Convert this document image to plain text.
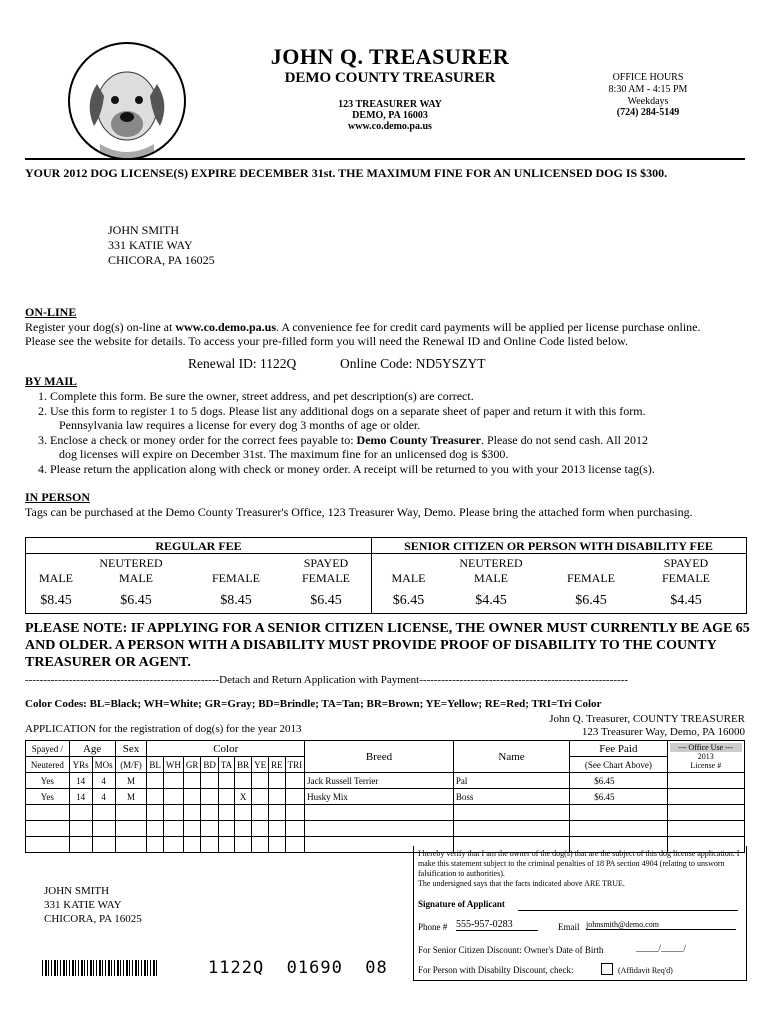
JOHN Q. TREASURER
DEMO COUNTY TREASURER
123 TREASURER WAY
DEMO, PA 16003
www.co.demo.pa.us
OFFICE HOURS
8:30 AM - 4:15 PM
Weekdays
(724) 284-5149
YOUR 2012 DOG LICENSE(S) EXPIRE DECEMBER 31st. THE MAXIMUM FINE FOR AN UNLICENSED DOG IS $300.
JOHN SMITH
331 KATIE WAY
CHICORA, PA 16025
ON-LINE
Register your dog(s) on-line at www.co.demo.pa.us. A convenience fee for credit card payments will be applied per license purchase online.
Please see the website for details. To access your pre-filled form you will need the Renewal ID and Online Code listed below.
Renewal ID: 1122Q	Online Code: ND5YSZYT
BY MAIL
1. Complete this form. Be sure the owner, street address, and pet description(s) are correct.
2. Use this form to register 1 to 5 dogs. Please list any additional dogs on a separate sheet of paper and return it with this form.
Pennsylvania law requires a license for every dog 3 months of age or older.
3. Enclose a check or money order for the correct fees payable to: Demo County Treasurer. Please do not send cash. All 2012
dog licenses will expire on December 31st. The maximum fine for an unlicensed dog is $300.
4. Please return the application along with check or money order. A receipt will be returned to you with your 2013 license tag(s).
IN PERSON
Tags can be purchased at the Demo County Treasurer's Office, 123 Treasurer Way, Demo. Please bring the attached form when purchasing.
REGULAR FEE	SENIOR CITIZEN OR PERSON WITH DISABILITY FEE
NEUTERED	SPAYED
MALE	MALE	FEMALE	FEMALE
$8.45	$6.45	$8.45	$6.45
NEUTERED	SPAYED
MALE	MALE	FEMALE	FEMALE
$6.45	$4.45	$6.45	$4.45
PLEASE NOTE: IF APPLYING FOR A SENIOR CITIZEN LICENSE, THE OWNER MUST CURRENTLY BE AGE 65 AND OLDER. A PERSON WITH A DISABILITY MUST PROVIDE PROOF OF DISABILITY TO THE COUNTY TREASURER OR AGENT.
-----------------------------------------------------Detach and Return Application with Payment---------------------------------------------------------
Color Codes: BL=Black; WH=White; GR=Gray; BD=Brindle; TA=Tan; BR=Brown; YE=Yellow; RE=Red; TRI=Tri Color
APPLICATION for the registration of dog(s) for the year 2013
John Q. Treasurer, COUNTY TREASURER
123 Treasurer Way, Demo, PA 16000
Spayed /	Age		Sex	Color									Breed	Name	Fee Paid	--- Office Use ---
2013
License #

Neutered	YRs	MOs	(M/F)	BL	WH	GR	BD	TA	BR	YE	RE	TRI			(See Chart Above)	
Yes	14	4	M										Jack Russell Terrier	Pal	$6.45	
Yes	14	4	M						X				Husky Mix	Boss	$6.45	

I hereby verify that I am the owner of the dog(s) that are the subject of this dog license application. I make this statement subject to the criminal penalties of 18 PA section 4904 (relating to unsworn falsification to authorities).
The undersigned says that the facts indicated above ARE TRUE.
Signature of Applicant
Phone # 555-957-0283	Email johnsmith@demo.com
For Senior Citizen Discount: Owner's Date of Birth	_____/_____/
For Person with Disabilty Discount, check:	(Affidavit Req'd)
JOHN SMITH
331 KATIE WAY
CHICORA, PA 16025
1122Q  01690  08
